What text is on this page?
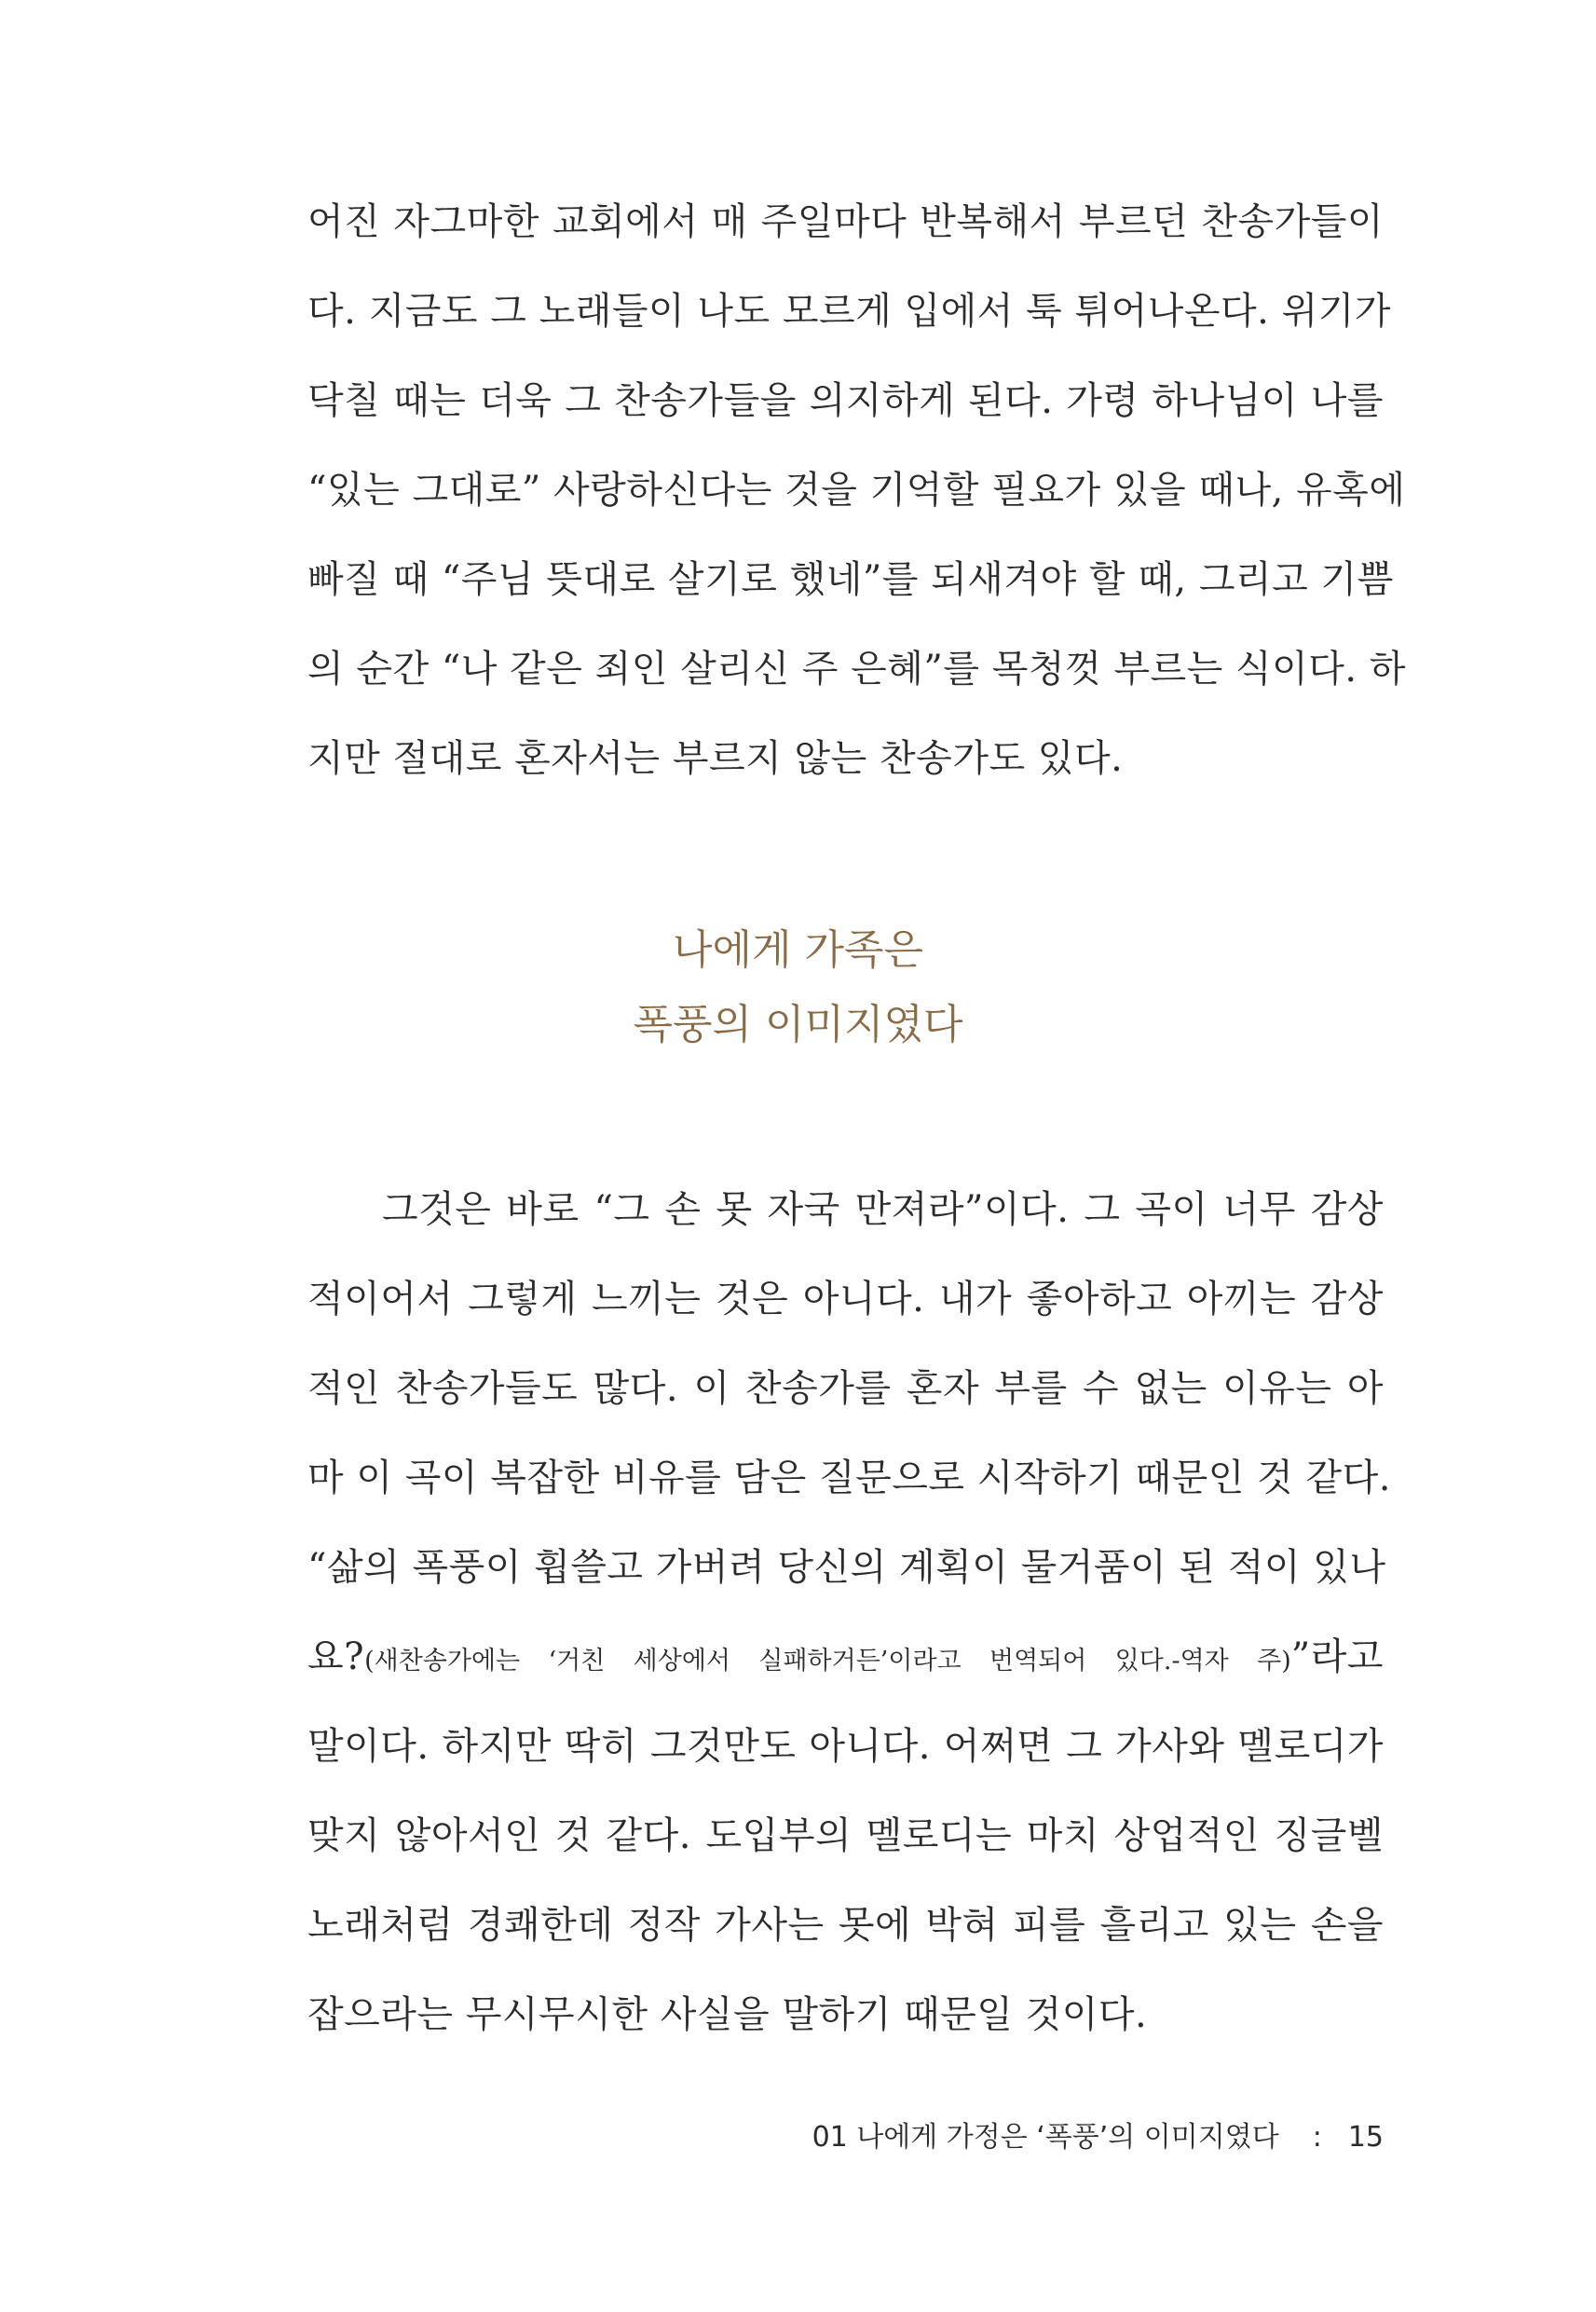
어진 자그마한 교회에서 매 주일마다 반복해서 부르던 찬송가들이
다. 지금도 그 노래들이 나도 모르게 입에서 툭 튀어나온다. 위기가
닥칠 때는 더욱 그 찬송가들을 의지하게 된다. 가령 하나님이 나를
“있는 그대로” 사랑하신다는 것을 기억할 필요가 있을 때나, 유혹에
빠질 때 “주님 뜻대로 살기로 했네”를 되새겨야 할 때, 그리고 기쁨
의 순간 “나 같은 죄인 살리신 주 은혜”를 목청껏 부르는 식이다. 하
지만 절대로 혼자서는 부르지 않는 찬송가도 있다.
나에게 가족은
폭풍의 이미지였다
그것은 바로 “그 손 못 자국 만져라”이다. 그 곡이 너무 감상
적이어서 그렇게 느끼는 것은 아니다. 내가 좋아하고 아끼는 감상
적인 찬송가들도 많다. 이 찬송가를 혼자 부를 수 없는 이유는 아
마 이 곡이 복잡한 비유를 담은 질문으로 시작하기 때문인 것 같다.
“삶의 폭풍이 휩쓸고 가버려 당신의 계획이 물거품이 된 적이 있나
요?(새찬송가에는 ‘거친 세상에서 실패하거든’이라고 번역되어 있다.-역자 주)”라고
말이다. 하지만 딱히 그것만도 아니다. 어쩌면 그 가사와 멜로디가
맞지 않아서인 것 같다. 도입부의 멜로디는 마치 상업적인 징글벨
노래처럼 경쾌한데 정작 가사는 못에 박혀 피를 흘리고 있는 손을
잡으라는 무시무시한 사실을 말하기 때문일 것이다.
01 나에게 가정은 ‘폭풍’의 이미지였다 : 15
